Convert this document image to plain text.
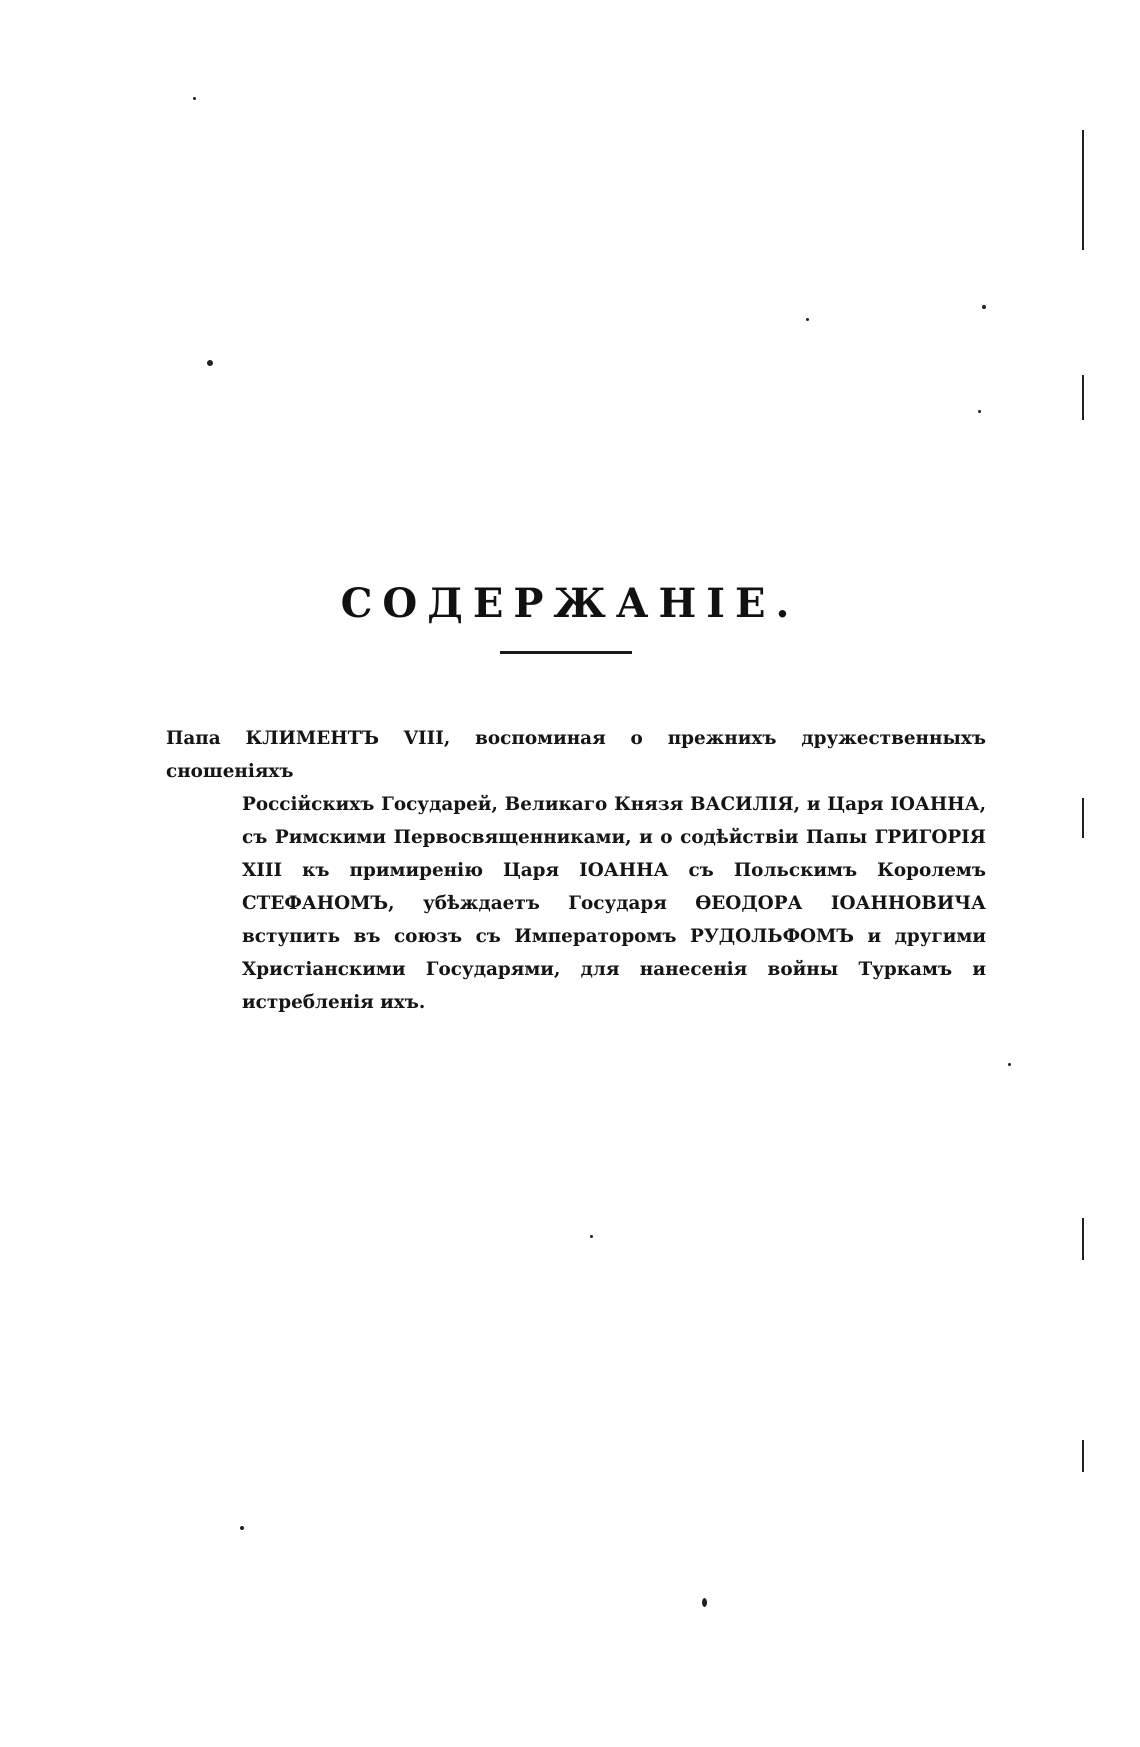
СОДЕРЖАНІЕ.
Папа КЛИМЕНТЪ VIII, воспоминая о прежнихъ дружественныхъ сношеніяхъ
Россійскихъ Государей, Великаго Князя ВАСИЛІЯ, и Царя ІОАННА, съ Римскими Первосвященниками, и о содѣйствіи Папы ГРИГОРІЯ XIII къ примиренію Царя ІОАННА съ Польскимъ Королемъ СТЕФАНОМЪ, убѣждаетъ Государя ѲЕОДОРА ІОАННОВИЧА вступить въ союзъ съ Императоромъ РУДОЛЬФОМЪ и другими Христіанскими Государями, для нанесенія войны Туркамъ и истребленія ихъ.
